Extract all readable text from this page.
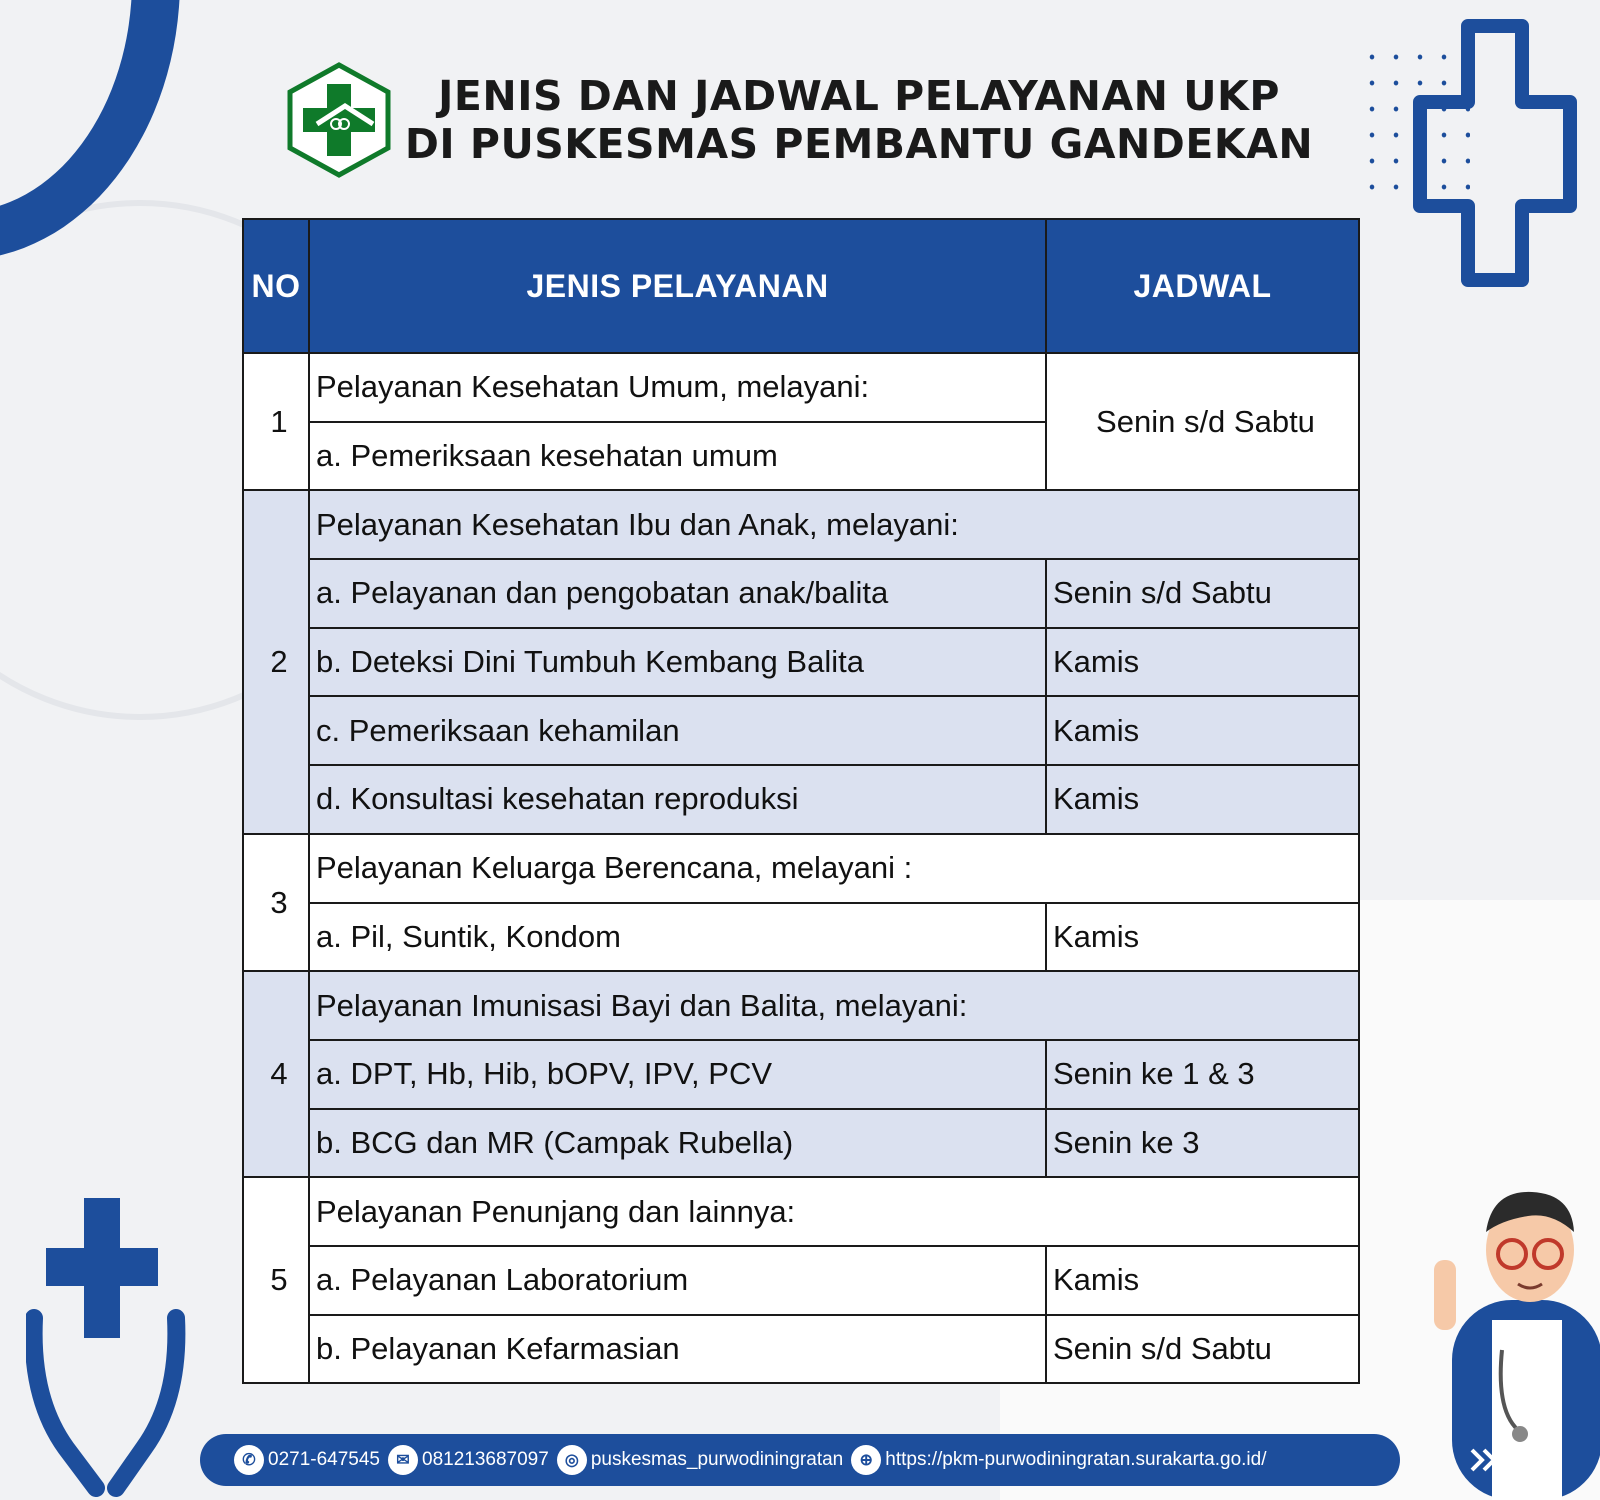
JENIS DAN JADWAL PELAYANAN UKP
DI PUSKESMAS PEMBANTU GANDEKAN
NO	JENIS PELAYANAN	JADWAL
1	Pelayanan Kesehatan Umum, melayani:	Senin s/d Sabtu
	a. Pemeriksaan kesehatan umum	
2	Pelayanan Kesehatan Ibu dan Anak, melayani:	
	a. Pelayanan dan pengobatan anak/balita	Senin s/d Sabtu
	b. Deteksi Dini Tumbuh Kembang Balita	Kamis
	c. Pemeriksaan kehamilan	Kamis
	d. Konsultasi kesehatan reproduksi	Kamis
3	Pelayanan Keluarga Berencana, melayani :	
	a. Pil, Suntik, Kondom	Kamis
4	Pelayanan Imunisasi Bayi dan Balita, melayani:	
	a. DPT, Hb, Hib, bOPV, IPV, PCV	Senin ke 1 & 3
	b. BCG dan MR (Campak Rubella)	Senin ke 3
5	Pelayanan Penunjang dan lainnya:	
	a. Pelayanan Laboratorium	Kamis
	b. Pelayanan Kefarmasian	Senin s/d Sabtu
✆ 0271-647545	✉ 081213687097	◎ puskesmas_purwodiningratan	⊕ https://pkm-purwodiningratan.surakarta.go.id/
